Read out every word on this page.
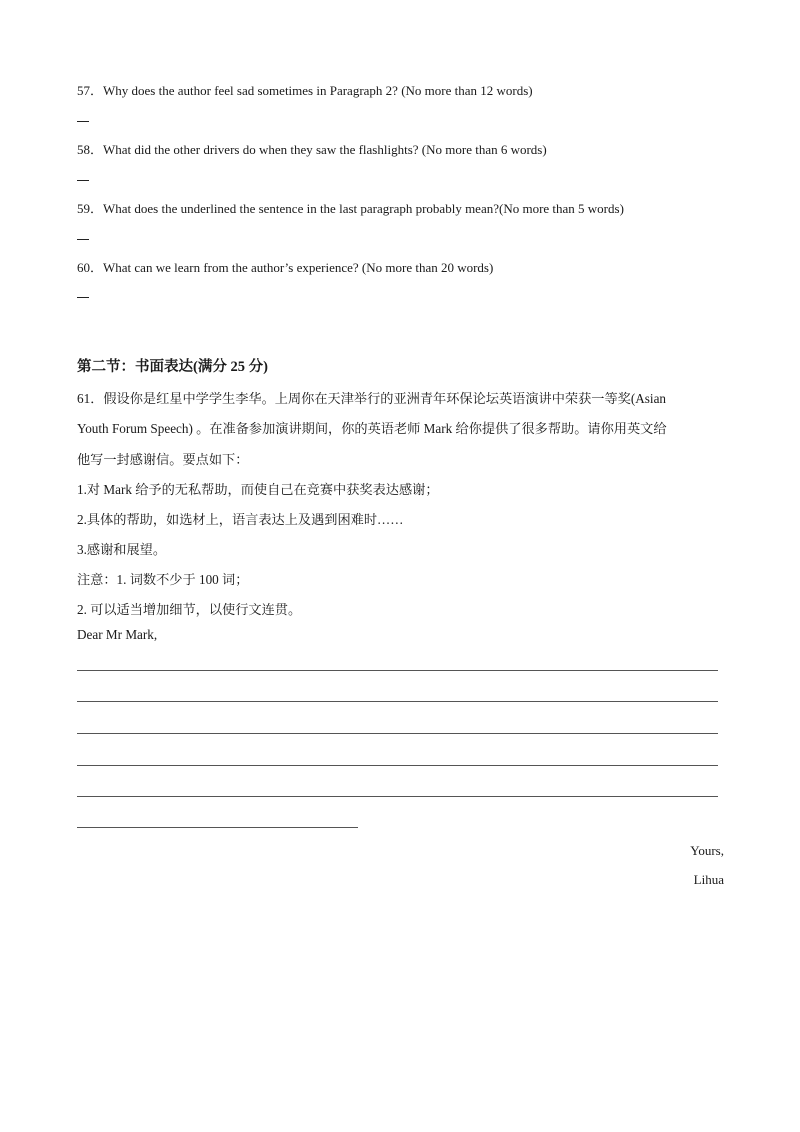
57．Why does the author feel sad sometimes in Paragraph 2? (No more than 12 words)
58．What did the other drivers do when they saw the flashlights? (No more than 6 words)
59．What does the underlined the sentence in the last paragraph probably mean?(No more than 5 words)
60．What can we learn from the author’s experience? (No more than 20 words)
第二节：书面表达(满分 25 分)
61．假设你是红星中学学生李华。上周你在天津举行的亚洲青年环保论坛英语演讲中荣获一等奖(Asian
Youth Forum Speech) 。在准备参加演讲期间，你的英语老师 Mark 给你提供了很多帮助。请你用英文给
他写一封感谢信。要点如下：
1.对 Mark 给予的无私帮助，而使自己在竞赛中获奖表达感谢；
2.具体的帮助，如选材上，语言表达上及遇到困难时……
3.感谢和展望。
注意：1. 词数不少于 100 词；
2. 可以适当增加细节，以使行文连贯。
Dear Mr Mark,
Yours,
Lihua
